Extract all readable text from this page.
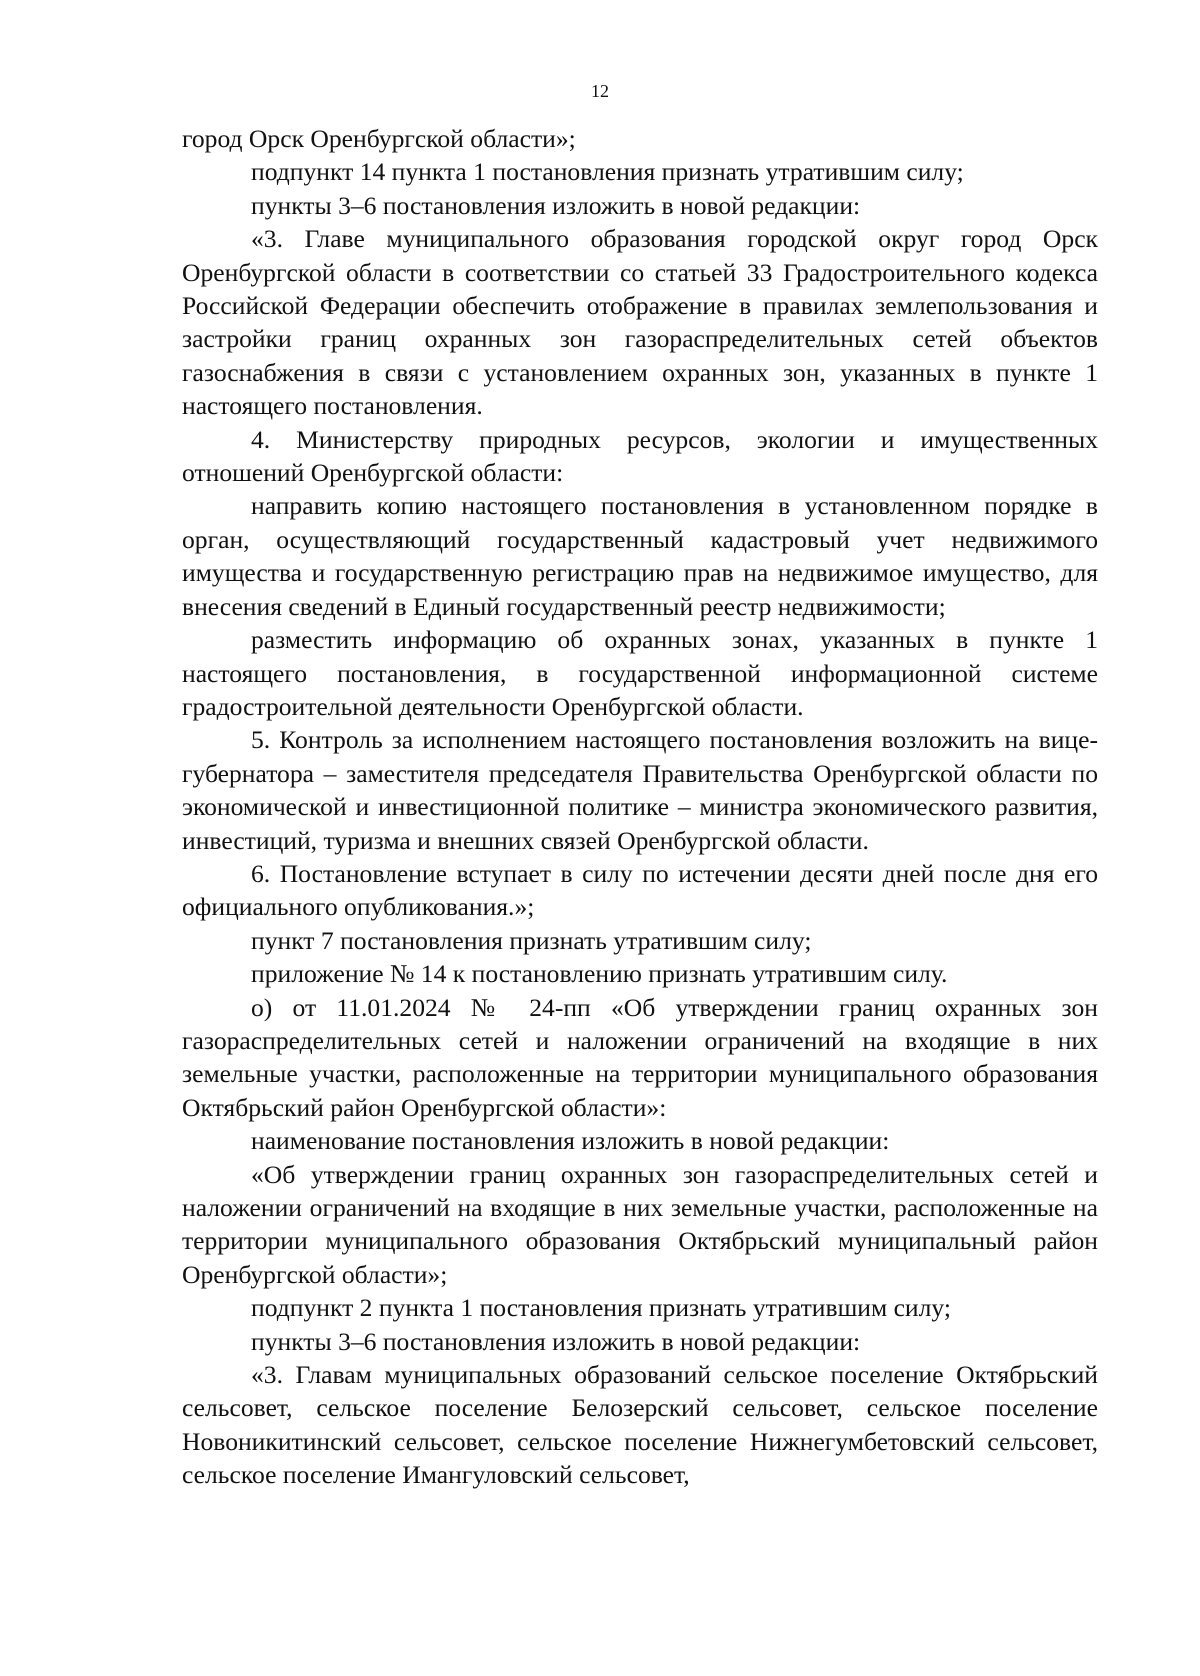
12

город Орск Оренбургской области»;

подпункт 14 пункта 1 постановления признать утратившим силу;

пункты 3–6 постановления изложить в новой редакции:

«3. Главе муниципального образования городской округ город Орск Оренбургской области в соответствии со статьей 33 Градостроительного кодекса Российской Федерации обеспечить отображение в правилах землепользования и застройки границ охранных зон газораспределительных сетей объектов газоснабжения в связи с установлением охранных зон, указанных в пункте 1 настоящего постановления.

4. Министерству природных ресурсов, экологии и имущественных отношений Оренбургской области:

направить копию настоящего постановления в установленном порядке в орган, осуществляющий государственный кадастровый учет недвижимого имущества и государственную регистрацию прав на недвижимое имущество, для внесения сведений в Единый государственный реестр недвижимости;

разместить информацию об охранных зонах, указанных в пункте 1 настоящего постановления, в государственной информационной системе градостроительной деятельности Оренбургской области.

5. Контроль за исполнением настоящего постановления возложить на вице-губернатора – заместителя председателя Правительства Оренбургской области по экономической и инвестиционной политике – министра экономического развития, инвестиций, туризма и внешних связей Оренбургской области.

6. Постановление вступает в силу по истечении десяти дней после дня его официального опубликования.»;

пункт 7 постановления признать утратившим силу;

приложение № 14 к постановлению признать утратившим силу.

о) от 11.01.2024 № 24-пп «Об утверждении границ охранных зон газораспределительных сетей и наложении ограничений на входящие в них земельные участки, расположенные на территории муниципального образования Октябрьский район Оренбургской области»:

наименование постановления изложить в новой редакции:

«Об утверждении границ охранных зон газораспределительных сетей и наложении ограничений на входящие в них земельные участки, расположенные на территории муниципального образования Октябрьский муниципальный район Оренбургской области»;

подпункт 2 пункта 1 постановления признать утратившим силу;

пункты 3–6 постановления изложить в новой редакции:

«3. Главам муниципальных образований сельское поселение Октябрьский сельсовет, сельское поселение Белозерский сельсовет, сельское поселение Новоникитинский сельсовет, сельское поселение Нижнегумбетовский сельсовет, сельское поселение Имангуловский сельсовет,
